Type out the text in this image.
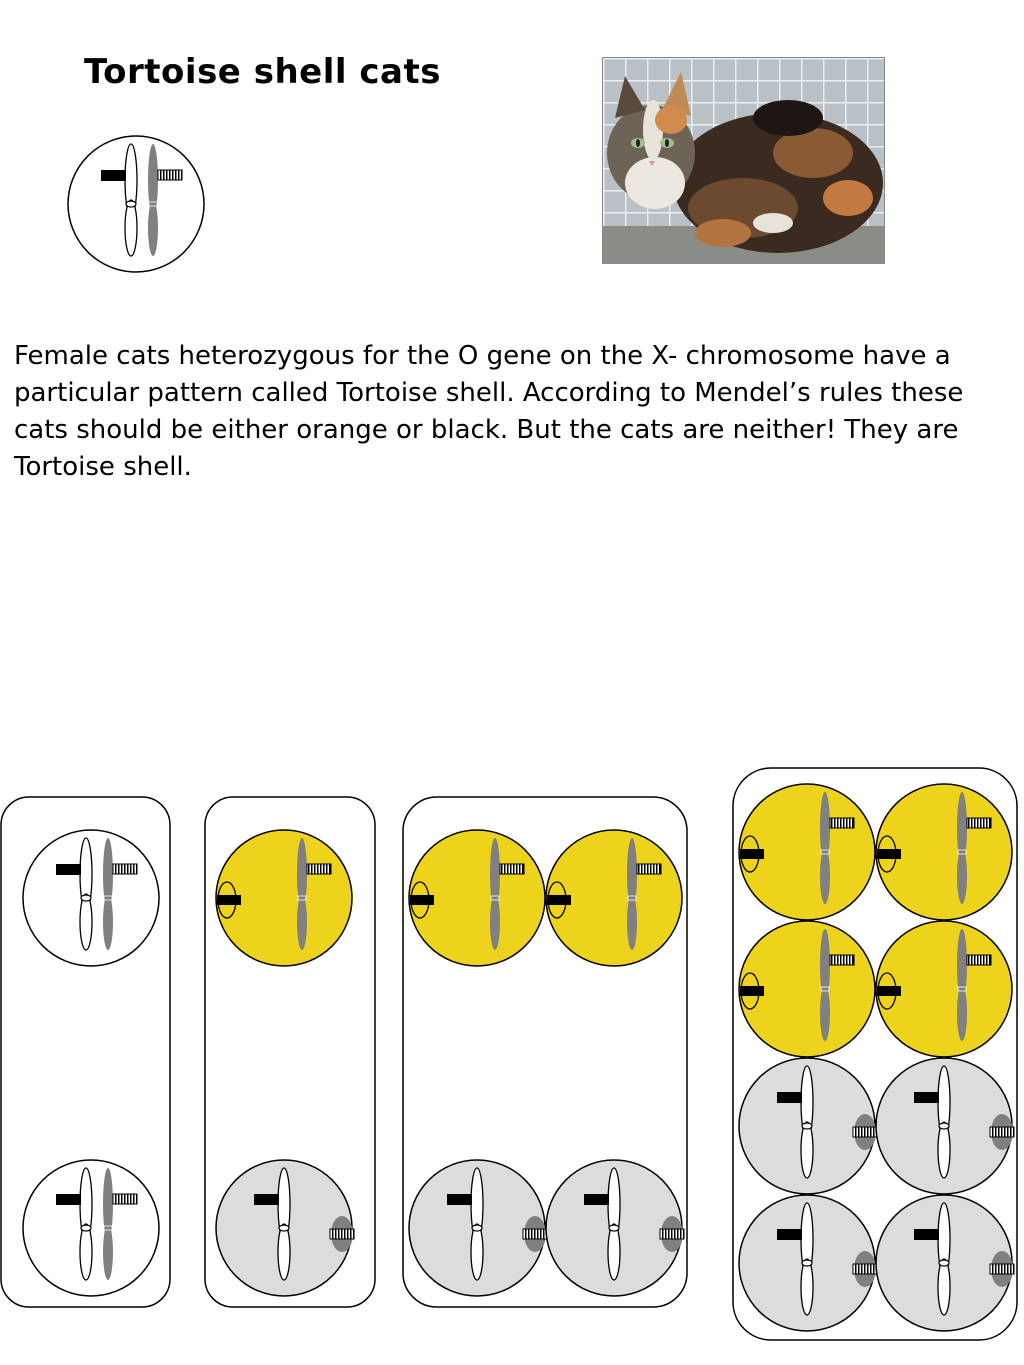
Tortoise shell cats
Female cats heterozygous for the O gene on the X- chromosome have a particular pattern called Tortoise shell. According to Mendel’s rules these cats should be either orange or black. But the cats are neither! They are Tortoise shell.
